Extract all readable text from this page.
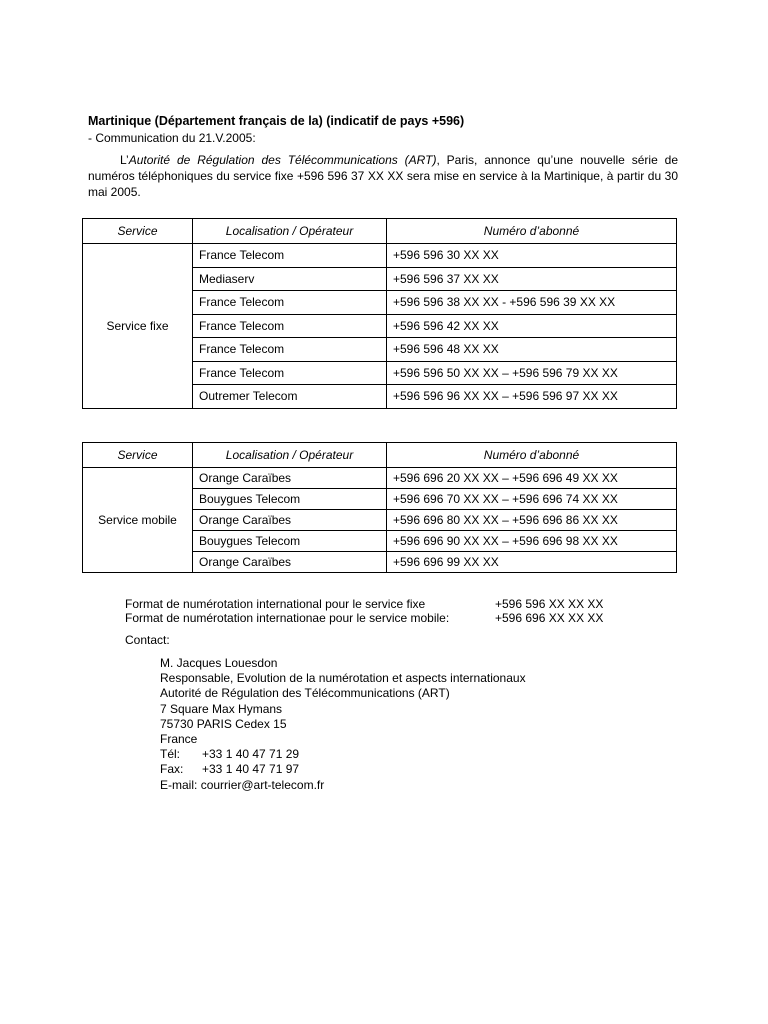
Martinique (Département français de la) (indicatif de pays +596)
- Communication du 21.V.2005:
L’Autorité de Régulation des Télécommunications (ART), Paris, annonce qu’une nouvelle série de numéros téléphoniques du service fixe +596 596 37 XX XX sera mise en service à la Martinique, à partir du 30 mai 2005.
Service	Localisation / Opérateur	Numéro d’abonné
Service fixe	France Telecom	+596 596 30 XX XX
	Mediaserv	+596 596 37 XX XX
	France Telecom	+596 596 38 XX XX - +596 596 39 XX XX
	France Telecom	+596 596 42 XX XX
	France Telecom	+596 596 48 XX XX
	France Telecom	+596 596 50 XX XX – +596 596 79 XX XX
	Outremer Telecom	+596 596 96 XX XX – +596 596 97 XX XX
Service	Localisation / Opérateur	Numéro d’abonné
Service mobile	Orange Caraïbes	+596 696 20 XX XX – +596 696 49 XX XX
	Bouygues Telecom	+596 696 70 XX XX – +596 696 74 XX XX
	Orange Caraïbes	+596 696 80 XX XX – +596 696 86 XX XX
	Bouygues Telecom	+596 696 90 XX XX – +596 696 98 XX XX
	Orange Caraïbes	+596 696 99 XX XX
Format de numérotation international pour le service fixe	+596 596 XX XX XX
Format de numérotation internationae pour le service mobile:	+596 696 XX XX XX
Contact:
M. Jacques Louesdon
Responsable, Evolution de la numérotation et aspects internationaux
Autorité de Régulation des Télécommunications (ART)
7 Square Max Hymans
75730 PARIS Cedex 15
France
Tél: +33 1 40 47 71 29
Fax: +33 1 40 47 71 97
E-mail: courrier@art-telecom.fr
